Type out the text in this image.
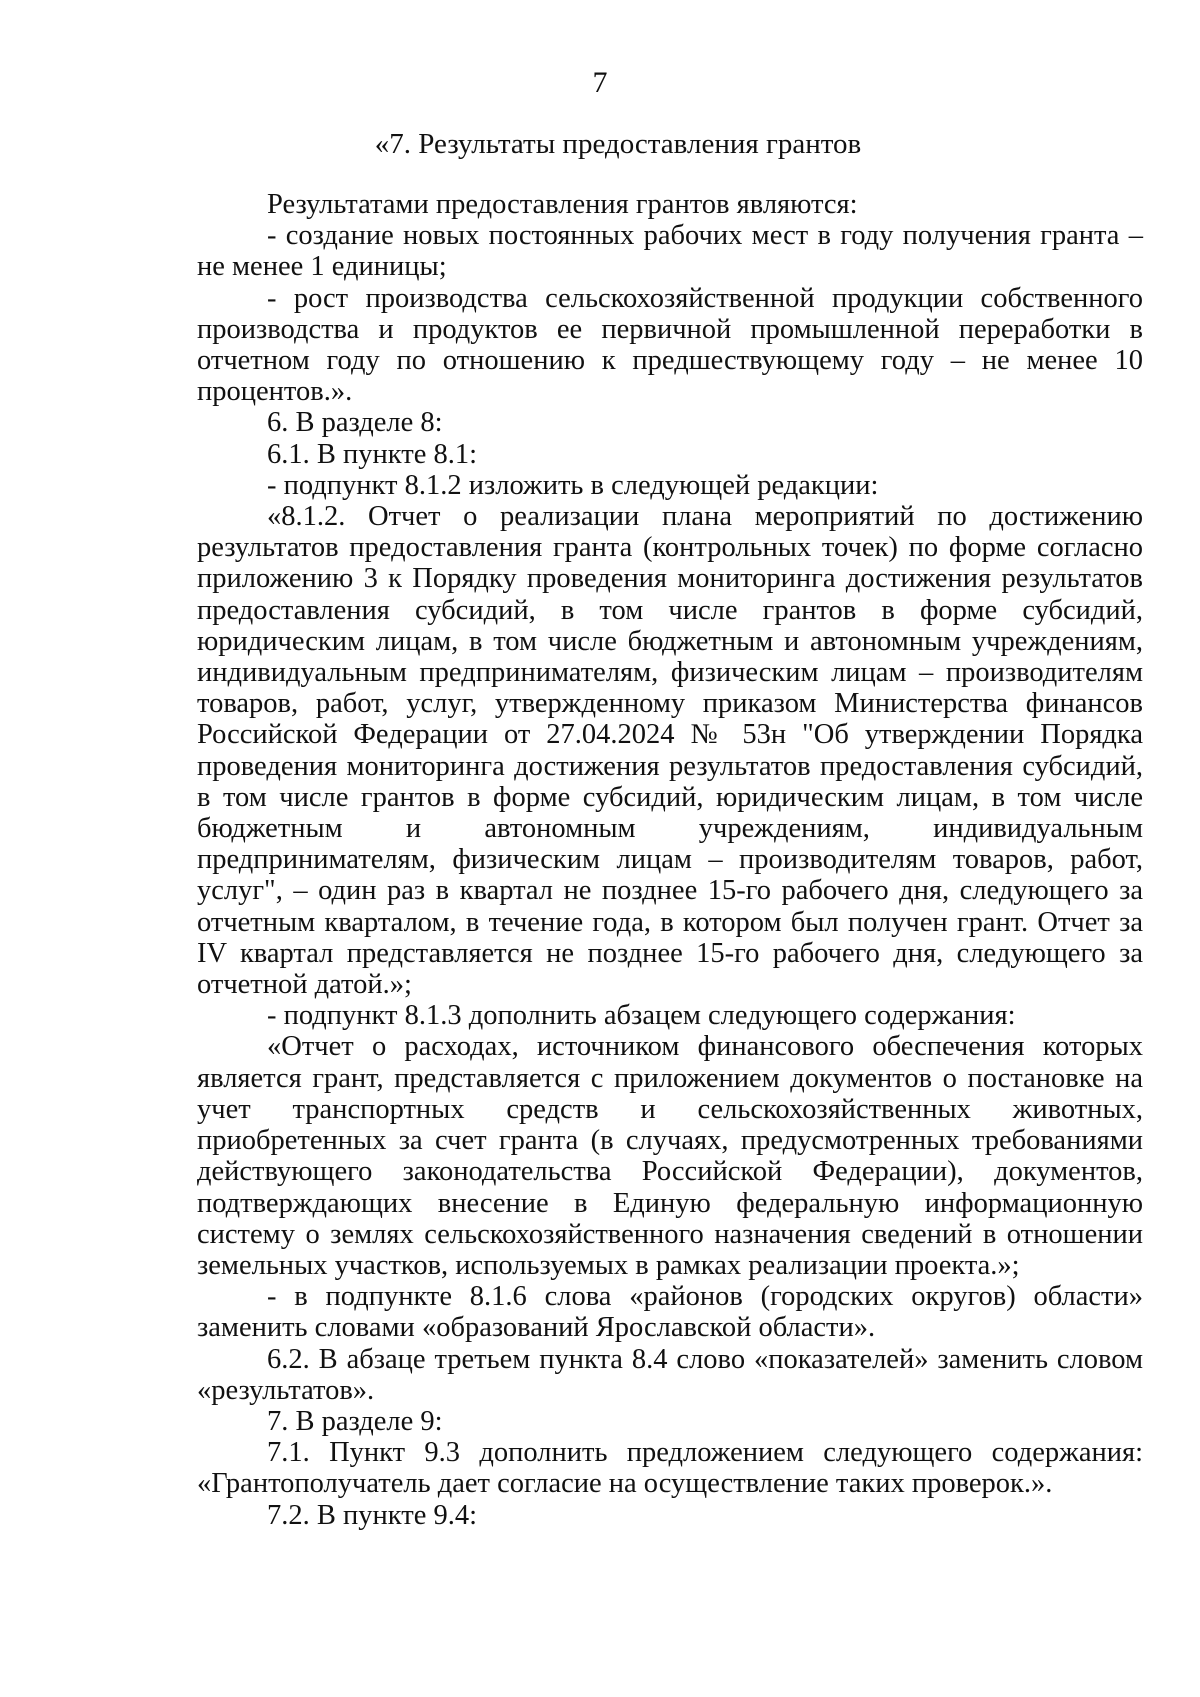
7
«7. Результаты предоставления грантов

Результатами предоставления грантов являются:

- создание новых постоянных рабочих мест в году получения гранта – не менее 1 единицы;

- рост производства сельскохозяйственной продукции собственного производства и продуктов ее первичной промышленной переработки в отчетном году по отношению к предшествующему году – не менее 10 процентов.».

6. В разделе 8:

6.1. В пункте 8.1:

- подпункт 8.1.2 изложить в следующей редакции:

«8.1.2. Отчет о реализации плана мероприятий по достижению результатов предоставления гранта (контрольных точек) по форме согласно приложению 3 к Порядку проведения мониторинга достижения результатов предоставления субсидий, в том числе грантов в форме субсидий, юридическим лицам, в том числе бюджетным и автономным учреждениям, индивидуальным предпринимателям, физическим лицам – производителям товаров, работ, услуг, утвержденному приказом Министерства финансов Российской Федерации от 27.04.2024 № 53н "Об утверждении Порядка проведения мониторинга достижения результатов предоставления субсидий, в том числе грантов в форме субсидий, юридическим лицам, в том числе бюджетным и автономным учреждениям, индивидуальным предпринимателям, физическим лицам – производителям товаров, работ, услуг", – один раз в квартал не позднее 15-го рабочего дня, следующего за отчетным кварталом, в течение года, в котором был получен грант. Отчет за IV квартал представляется не позднее 15-го рабочего дня, следующего за отчетной датой.»;

- подпункт 8.1.3 дополнить абзацем следующего содержания:

«Отчет о расходах, источником финансового обеспечения которых является грант, представляется с приложением документов о постановке на учет транспортных средств и сельскохозяйственных животных, приобретенных за счет гранта (в случаях, предусмотренных требованиями действующего законодательства Российской Федерации), документов, подтверждающих внесение в Единую федеральную информационную систему о землях сельскохозяйственного назначения сведений в отношении земельных участков, используемых в рамках реализации проекта.»;

- в подпункте 8.1.6 слова «районов (городских округов) области» заменить словами «образований Ярославской области».

6.2. В абзаце третьем пункта 8.4 слово «показателей» заменить словом «результатов».

7. В разделе 9:

7.1. Пункт 9.3 дополнить предложением следующего содержания: «Грантополучатель дает согласие на осуществление таких проверок.».

7.2. В пункте 9.4:
